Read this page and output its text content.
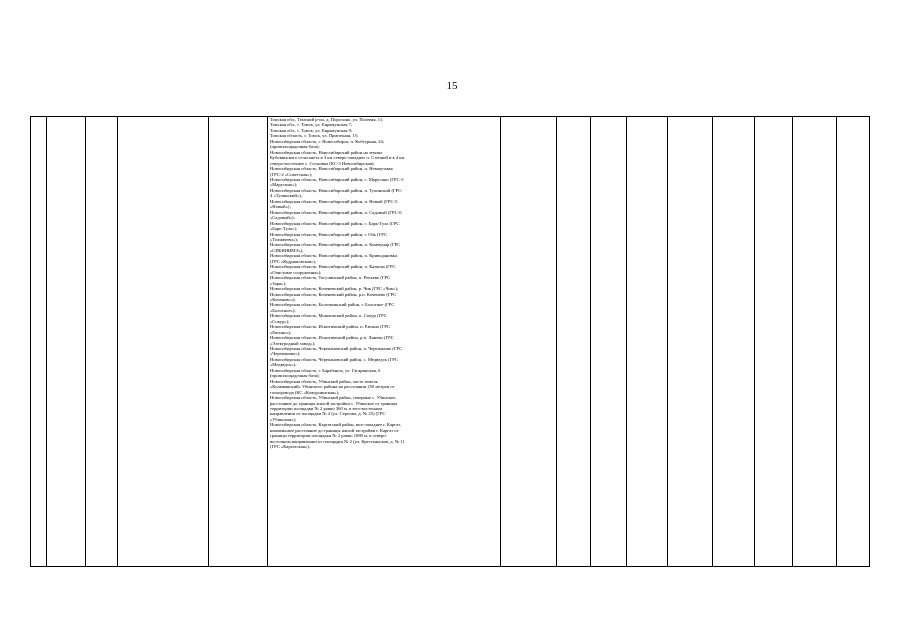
15
Томская обл., Томский р-он, д. Поросино, ул. Полевая, 11;
Томская обл., г. Томск, ул. Енрамунская 7;
Томская обл., г. Томск, ул. Енрамунская 9;
Томская область, г. Томск, ул. Приточная, 15;
Новосибирская область, г. Новосибирск, п. Кобтурная, 24;
(промплощадочная база);
Новосибирская область, Новосибирский район на землях
Кубовинского сельсовета в 3 км северо-западнее п. Степной и в 4 км
северо-восточнее с. Сосновка (КС-3 Новосибирская);
Новосибирская область, Новосибирский район, п. Немнуговая
(ГРС-2 «Советская»);
Новосибирская область, Новосибирский район, с. Марусино (ГРС-3
«Марусино»);
Новосибирская область, Новосибирский район, п. Тулинский (ГРС-
4 «Тулинский»);
Новосибирская область, Новосибирский район, п. Новый (ГРС-5
«Новый»);
Новосибирская область, Новосибирский район, п. Садовый (ГРС-6
«Садовый»);
Новосибирская область, Новосибирский район, с. Барь-Тула (ГРС
«Барь-Тула»);
Новосибирская область, Новосибирский район, г. Обь (ГРС
«Толмачево»);
Новосибирская область, Новосибирский район, п. Коммунар (ГРС
«СИБНИИМЭ»);
Новосибирская область, Новосибирский район, п. Криводановка
(ГРС «Кудряшовская»);
Новосибирская область, Новосибирский район, п. Каткова (ГРС
«Очистные сооружения»);
Новосибирская область, Тогучинский район, п. Репьево (ГРС
«Заря»);
Новосибирская область, Коченевский район, р. Чик (ГРС «Чик»);
Новосибирская область, Коченевский район, р.п. Коченево (ГРС
«Коченево»);
Новосибирская область, Болотнинский район, г. Болотное (ГРС
«Болотное»);
Новосибирская область, Мошковский район, п. Сокур (ГРС
«Сокур»);
Новосибирская область, Искитимский район, п. Евсино (ГРС
«Евсино»);
Новосибирская область, Искитимский район, р.п. Линево (ГРС
«Электродный завод»);
Новосибирская область, Черепановский район, п. Черепаново (ГРС
«Черепаново»);
Новосибирская область, Черепановский район, с. Медведск (ГРС
«Медведск»);
Новосибирская область, г. Барабинск, ул. Гагаринская, 6
(промплощадочная база);
Новосибирская область, Убинский район, часть земель
«Колыванский» Убинского района на расстоянии 250 метров от
газопровода (КС «Кожурлинская»);
Новосибирская область, Убинский район, северные с. Убинское,
расстояние до границы жилой застройки с. Убинское от границы
территории площадки № 2 равно 360 м. в юго-восточном
направлении от площадки № 2 (ул. Серпова, д. № 25) (ГРС
«Убинская»);
Новосибирская область, Каргатский район, юго-западнее г. Каргат,
наименьшее расстояние до границы жилой застройки г. Каргат от
границы территории площадки № 2 равно 1080 м, в северо-
восточном направлении от площадки № 2 (ул. Крестьянская, д. № 1)
(ГРС «Каргатская»);
